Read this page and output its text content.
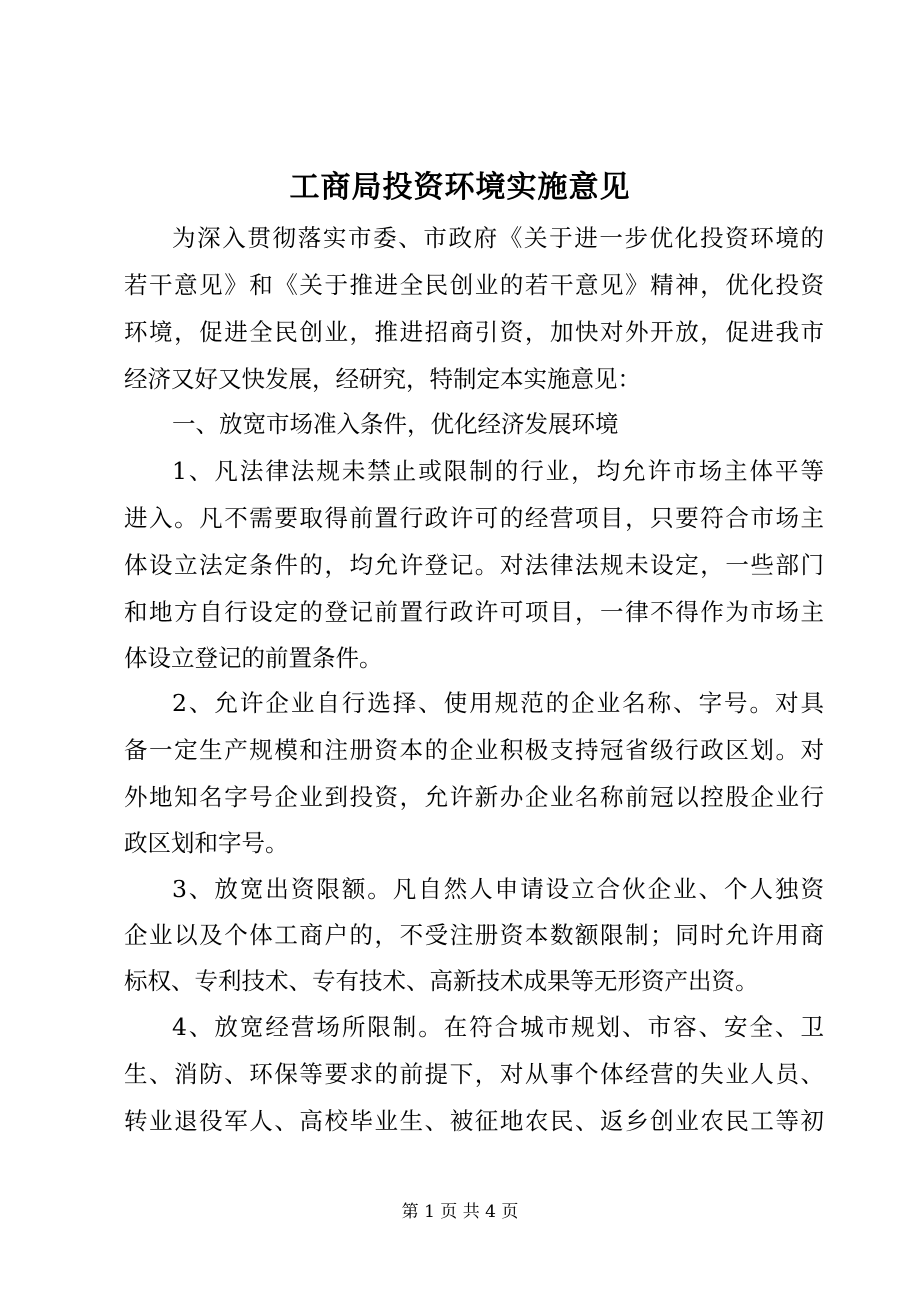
工商局投资环境实施意见
为深入贯彻落实市委、市政府《关于进一步优化投资环境的
若干意见》和《关于推进全民创业的若干意见》精神，优化投资
环境，促进全民创业，推进招商引资，加快对外开放，促进我市
经济又好又快发展，经研究，特制定本实施意见：
一、放宽市场准入条件，优化经济发展环境
1、凡法律法规未禁止或限制的行业，均允许市场主体平等
进入。凡不需要取得前置行政许可的经营项目，只要符合市场主
体设立法定条件的，均允许登记。对法律法规未设定，一些部门
和地方自行设定的登记前置行政许可项目，一律不得作为市场主
体设立登记的前置条件。
2、允许企业自行选择、使用规范的企业名称、字号。对具
备一定生产规模和注册资本的企业积极支持冠省级行政区划。对
外地知名字号企业到投资，允许新办企业名称前冠以控股企业行
政区划和字号。
3、放宽出资限额。凡自然人申请设立合伙企业、个人独资
企业以及个体工商户的，不受注册资本数额限制；同时允许用商
标权、专利技术、专有技术、高新技术成果等无形资产出资。
4、放宽经营场所限制。在符合城市规划、市容、安全、卫
生、消防、环保等要求的前提下，对从事个体经营的失业人员、
转业退役军人、高校毕业生、被征地农民、返乡创业农民工等初
第 1 页 共 4 页
